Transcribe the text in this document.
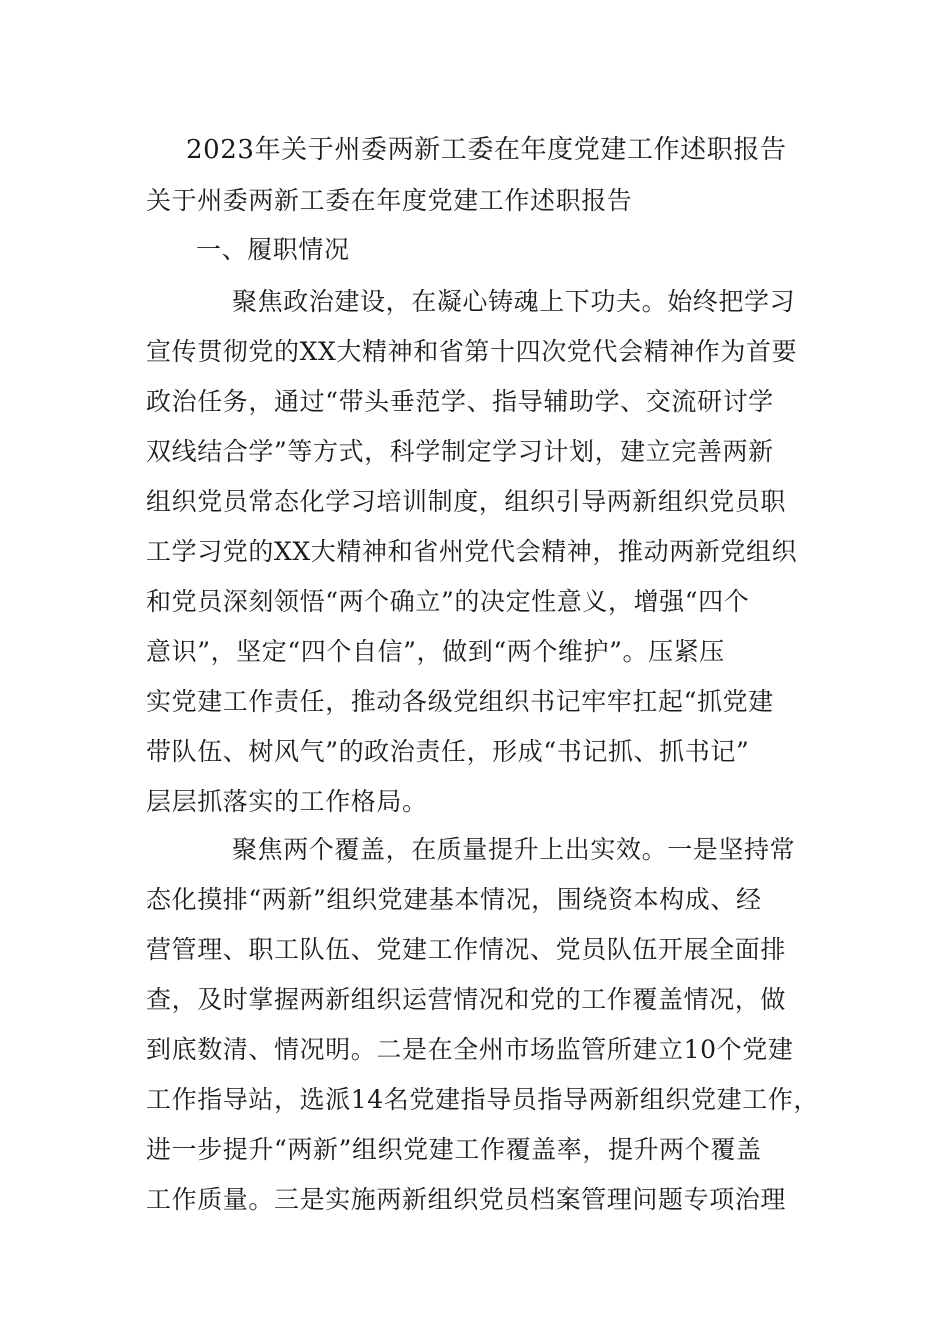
2023年关于州委两新工委在年度党建工作述职报告
关于州委两新工委在年度党建工作述职报告
一、履职情况
聚焦政治建设，在凝心铸魂上下功夫。始终把学习
宣传贯彻党的XX大精神和省第十四次党代会精神作为首要
政治任务，通过“带头垂范学、指导辅助学、交流研讨学
双线结合学”等方式，科学制定学习计划，建立完善两新
组织党员常态化学习培训制度，组织引导两新组织党员职
工学习党的XX大精神和省州党代会精神，推动两新党组织
和党员深刻领悟“两个确立”的决定性意义，增强“四个
意识”，坚定“四个自信”，做到“两个维护”。压紧压
实党建工作责任，推动各级党组织书记牢牢扛起“抓党建
带队伍、树风气”的政治责任，形成“书记抓、抓书记”
层层抓落实的工作格局。
聚焦两个覆盖，在质量提升上出实效。一是坚持常
态化摸排“两新”组织党建基本情况，围绕资本构成、经
营管理、职工队伍、党建工作情况、党员队伍开展全面排
查，及时掌握两新组织运营情况和党的工作覆盖情况，做
到底数清、情况明。二是在全州市场监管所建立10个党建
工作指导站，选派14名党建指导员指导两新组织党建工作，
进一步提升“两新”组织党建工作覆盖率，提升两个覆盖
工作质量。三是实施两新组织党员档案管理问题专项治理
